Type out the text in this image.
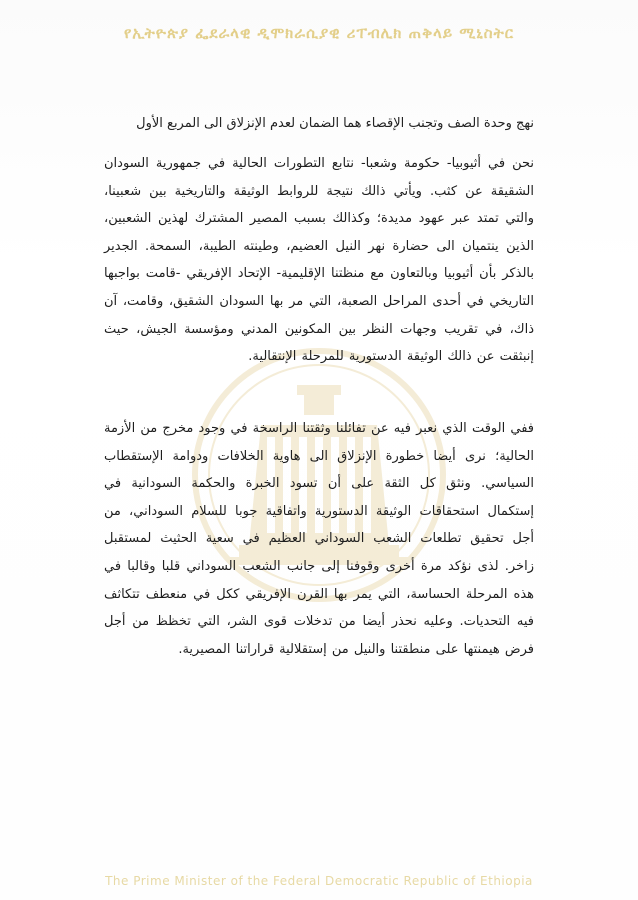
የኢትዮጵያ ፌደራላዊ ዲሞክራሲያዊ ሪፐብሊክ ጠቅላይ ሚኒስትር
نهج وحدة الصف وتجنب الإقصاء هما الضمان لعدم الإنزلاق الى المربع الأول
نحن في أثيوبيا- حكومة وشعبا- نتابع التطورات الحالية في جمهورية السودان الشقيقة عن كثب. ويأتي ذالك نتيجة للروابط الوثيقة والتاريخية بين شعبينا، والتي تمتد عبر عهود مديدة؛ وكذالك بسبب المصير المشترك لهذين الشعبين، الذين ينتميان الى حضارة نهر النيل العضيم، وطينته الطيبة، السمحة. الجدير بالذكر بأن أثيوبيا وبالتعاون مع منظتنا الإقليمية- الإتحاد الإفريقي -قامت بواجبها التاريخي في أحدى المراحل الصعبة، التي مر بها السودان الشقيق، وقامت، آن ذاك، في تقريب وجهات النظر بين المكونين المدني ومؤسسة الجيش، حيث إنبثقت عن ذالك الوثيقة الدستورية للمرحلة الإنتقالية.
ففي الوقت الذي نعبر فيه عن تفائلنا وثقتنا الراسخة في وجود مخرج من الأزمة الحالية؛ نرى أيضا خطورة الإنزلاق الى هاوية الخلافات ودوامة الإستقطاب السياسي. ونثق كل الثقة على أن تسود الخبرة والحكمة السودانية في إستكمال استحقاقات الوثيقة الدستورية واتفاقية جوبا للسلام السوداني، من أجل تحقيق تطلعات الشعب السوداني العظيم في سعية الحثيث لمستقبل زاخر. لذى نؤكد مرة أخرى وقوفنا إلى جانب الشعب السوداني قلبا وقالبا في هذه المرحلة الحساسة، التي يمر بها القرن الإفريقي ككل في منعطف تتكاثف فيه التحديات. وعليه نحذر أيضا من تدخلات قوى الشر، التي تخظظ من أجل فرض هيمنتها على منطقتنا والنيل من إستقلالية قراراتنا المصيرية.
The Prime Minister of the Federal Democratic Republic of Ethiopia
